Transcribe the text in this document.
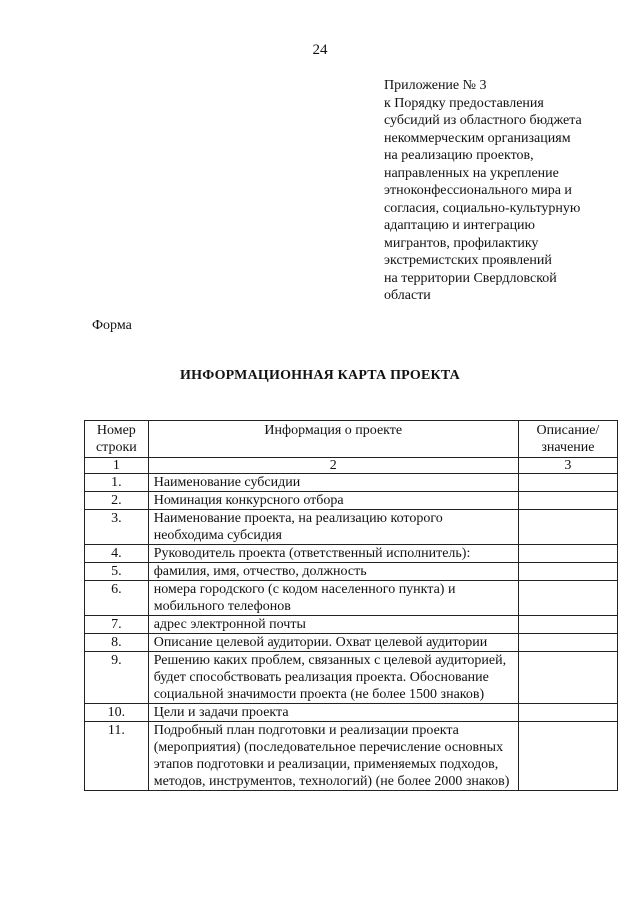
24
Приложение № 3
к Порядку предоставления
субсидий из областного бюджета
некоммерческим организациям
на реализацию проектов,
направленных на укрепление
этноконфессионального мира и
согласия, социально-культурную
адаптацию и интеграцию
мигрантов, профилактику
экстремистских проявлений
на территории Свердловской
области
Форма
ИНФОРМАЦИОННАЯ КАРТА ПРОЕКТА
Номер строки	Информация о проекте	Описание/ значение
1	2	3
1.	Наименование субсидии	
2.	Номинация конкурсного отбора	
3.	Наименование проекта, на реализацию которого необходима субсидия	
4.	Руководитель проекта (ответственный исполнитель):	
5.	фамилия, имя, отчество, должность	
6.	номера городского (с кодом населенного пункта) и мобильного телефонов	
7.	адрес электронной почты	
8.	Описание целевой аудитории. Охват целевой аудитории	
9.	Решению каких проблем, связанных с целевой аудиторией, будет способствовать реализация проекта. Обоснование социальной значимости проекта (не более 1500 знаков)	
10.	Цели и задачи проекта	
11.	Подробный план подготовки и реализации проекта (мероприятия) (последовательное перечисление основных этапов подготовки и реализации, применяемых подходов, методов, инструментов, технологий) (не более 2000 знаков)	
